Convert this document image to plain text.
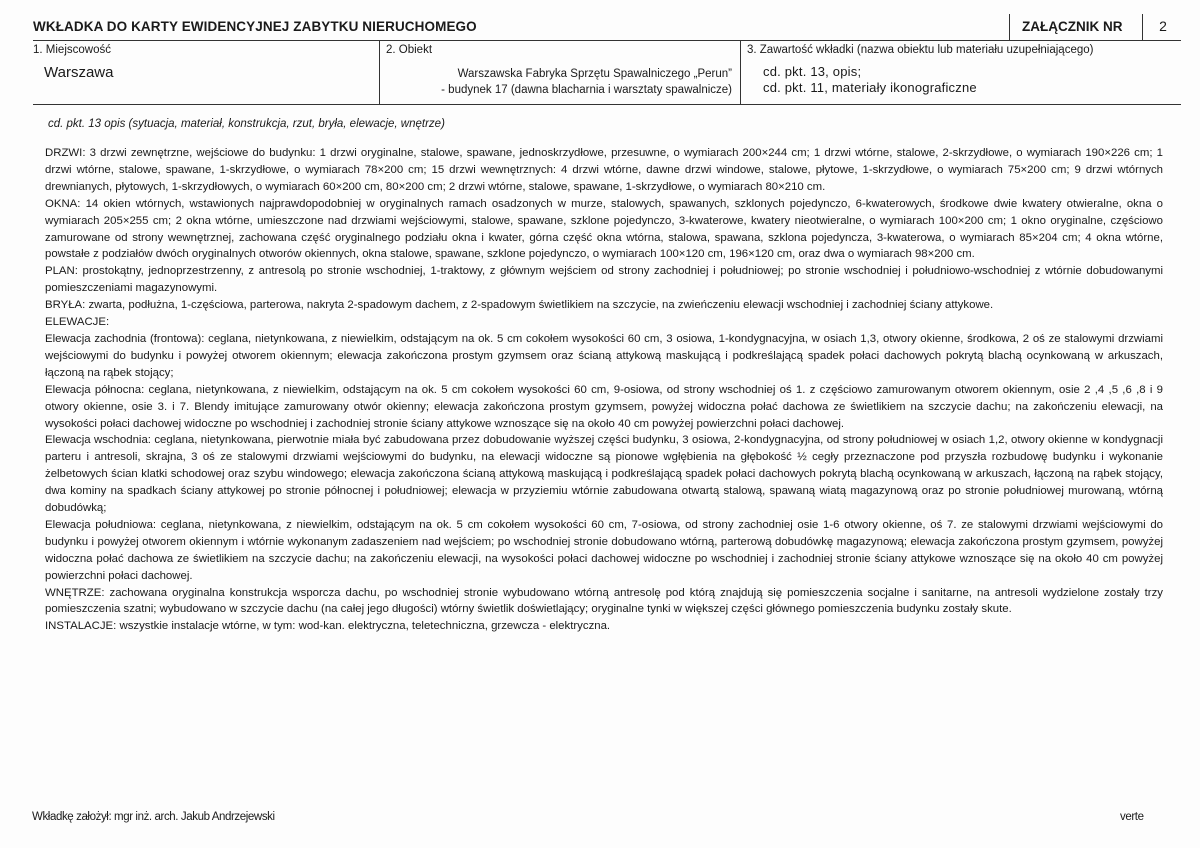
WKŁADKA DO KARTY EWIDENCYJNEJ ZABYTKU NIERUCHOMEGO	ZAŁĄCZNIK NR	2
1. Miejscowość
Warszawa
2. Obiekt
Warszawska Fabryka Sprzętu Spawalniczego „Perun”
- budynek 17 (dawna blacharnia i warsztaty spawalnicze)
3. Zawartość wkładki (nazwa obiektu lub materiału uzupełniającego)
cd. pkt. 13, opis;
cd. pkt. 11, materiały ikonograficzne
cd. pkt. 13 opis (sytuacja, materiał, konstrukcja, rzut, bryła, elewacje, wnętrze)

DRZWI: 3 drzwi zewnętrzne, wejściowe do budynku: 1 drzwi oryginalne, stalowe, spawane, jednoskrzydłowe, przesuwne, o wymiarach 200×244 cm; 1 drzwi wtórne, stalowe, 2-skrzydłowe, o wymiarach 190×226 cm; 1 drzwi wtórne, stalowe, spawane, 1-skrzydłowe, o wymiarach 78×200 cm; 15 drzwi wewnętrznych: 4 drzwi wtórne, dawne drzwi windowe, stalowe, płytowe, 1-skrzydłowe, o wymiarach 75×200 cm; 9 drzwi wtórnych drewnianych, płytowych, 1-skrzydłowych, o wymiarach 60×200 cm, 80×200 cm; 2 drzwi wtórne, stalowe, spawane, 1-skrzydłowe, o wymiarach 80×210 cm.

OKNA: 14 okien wtórnych, wstawionych najprawdopodobniej w oryginalnych ramach osadzonych w murze, stalowych, spawanych, szklonych pojedynczo, 6-kwaterowych, środkowe dwie kwatery otwieralne, okna o wymiarach 205×255 cm; 2 okna wtórne, umieszczone nad drzwiami wejściowymi, stalowe, spawane, szklone pojedynczo, 3-kwaterowe, kwatery nieotwieralne, o wymiarach 100×200 cm; 1 okno oryginalne, częściowo zamurowane od strony wewnętrznej, zachowana część oryginalnego podziału okna i kwater, górna część okna wtórna, stalowa, spawana, szklona pojedyncza, 3-kwaterowa, o wymiarach 85×204 cm; 4 okna wtórne, powstałe z podziałów dwóch oryginalnych otworów okiennych, okna stalowe, spawane, szklone pojedynczo, o wymiarach 100×120 cm, 196×120 cm, oraz dwa o wymiarach 98×200 cm.

PLAN: prostokątny, jednoprzestrzenny, z antresolą po stronie wschodniej, 1-traktowy, z głównym wejściem od strony zachodniej i południowej; po stronie wschodniej i południowo-wschodniej z wtórnie dobudowanymi pomieszczeniami magazynowymi.

BRYŁA: zwarta, podłużna, 1-częściowa, parterowa, nakryta 2-spadowym dachem, z 2-spadowym świetlikiem na szczycie, na zwieńczeniu elewacji wschodniej i zachodniej ściany attykowe.

ELEWACJE:

Elewacja zachodnia (frontowa): ceglana, nietynkowana, z niewielkim, odstającym na ok. 5 cm cokołem wysokości 60 cm, 3 osiowa, 1-kondygnacyjna, w osiach 1,3, otwory okienne, środkowa, 2 oś ze stalowymi drzwiami wejściowymi do budynku i powyżej otworem okiennym; elewacja zakończona prostym gzymsem oraz ścianą attykową maskującą i podkreślającą spadek połaci dachowych pokrytą blachą ocynkowaną w arkuszach, łączoną na rąbek stojący;

Elewacja północna: ceglana, nietynkowana, z niewielkim, odstającym na ok. 5 cm cokołem wysokości 60 cm, 9-osiowa, od strony wschodniej oś 1. z częściowo zamurowanym otworem okiennym, osie 2 ,4 ,5 ,6 ,8 i 9 otwory okienne, osie 3. i 7. Blendy imitujące zamurowany otwór okienny; elewacja zakończona prostym gzymsem, powyżej widoczna połać dachowa ze świetlikiem na szczycie dachu; na zakończeniu elewacji, na wysokości połaci dachowej widoczne po wschodniej i zachodniej stronie ściany attykowe wznoszące się na około 40 cm powyżej powierzchni połaci dachowej.

Elewacja wschodnia: ceglana, nietynkowana, pierwotnie miała być zabudowana przez dobudowanie wyższej części budynku, 3 osiowa, 2-kondygnacyjna, od strony południowej w osiach 1,2, otwory okienne w kondygnacji parteru i antresoli, skrajna, 3 oś ze stalowymi drzwiami wejściowymi do budynku, na elewacji widoczne są pionowe wgłębienia na głębokość ½ cegły przeznaczone pod przyszła rozbudowę budynku i wykonanie żelbetowych ścian klatki schodowej oraz szybu windowego; elewacja zakończona ścianą attykową maskującą i podkreślającą spadek połaci dachowych pokrytą blachą ocynkowaną w arkuszach, łączoną na rąbek stojący, dwa kominy na spadkach ściany attykowej po stronie północnej i południowej; elewacja w przyziemiu wtórnie zabudowana otwartą stalową, spawaną wiatą magazynową oraz po stronie południowej murowaną, wtórną dobudówką;

Elewacja południowa: ceglana, nietynkowana, z niewielkim, odstającym na ok. 5 cm cokołem wysokości 60 cm, 7-osiowa, od strony zachodniej osie 1-6 otwory okienne, oś 7. ze stalowymi drzwiami wejściowymi do budynku i powyżej otworem okiennym i wtórnie wykonanym zadaszeniem nad wejściem; po wschodniej stronie dobudowano wtórną, parterową dobudówkę magazynową; elewacja zakończona prostym gzymsem, powyżej widoczna połać dachowa ze świetlikiem na szczycie dachu; na zakończeniu elewacji, na wysokości połaci dachowej widoczne po wschodniej i zachodniej stronie ściany attykowe wznoszące się na około 40 cm powyżej powierzchni połaci dachowej.

WNĘTRZE: zachowana oryginalna konstrukcja wsporcza dachu, po wschodniej stronie wybudowano wtórną antresolę pod którą znajdują się pomieszczenia socjalne i sanitarne, na antresoli wydzielone zostały trzy pomieszczenia szatni; wybudowano w szczycie dachu (na całej jego długości) wtórny świetlik doświetlający; oryginalne tynki w większej części głównego pomieszczenia budynku zostały skute.

INSTALACJE: wszystkie instalacje wtórne, w tym: wod-kan. elektryczna, teletechniczna, grzewcza - elektryczna.

Wkładkę założył: mgr inż. arch. Jakub Andrzejewski	verte
